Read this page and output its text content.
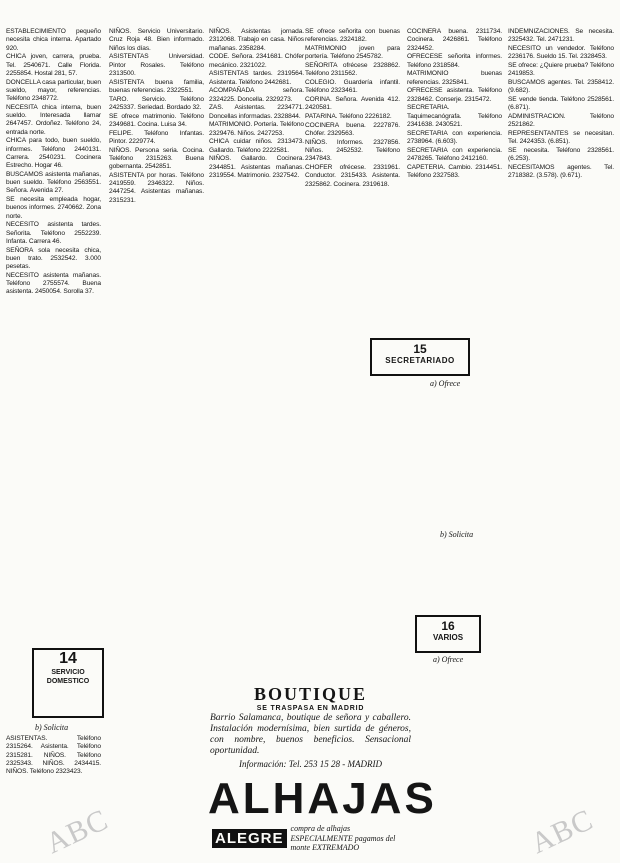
ESTABLECIMIENTO pequeño necesita chica interna. Apartado 920.

CHICA joven, carrera, prueba. Tel. 2540671. Calle Florida. 2255854. Hostal 281, 57.

DONCELLA casa particular, buen sueldo, mayor, referencias. Teléfono 2348772.

NECESITA chica interna, buen sueldo. Interesada llamar 2647457. Ordoñez. Teléfono 24, entrada norte.

CHICA para todo, buen sueldo, informes. Teléfono 2440131. Carrera. 2540231. Cocinera Estrecho. Hogar 46.

BUSCAMOS asistenta mañanas, buen sueldo. Teléfono 2563551. Señora. Avenida 27.

SE necesita empleada hogar, buenos informes. 2740662. Zona norte.

NECESITO asistenta tardes. Señorita. Teléfono 2552239. Infanta. Carrera 46.

SEÑORA sola necesita chica, buen trato. 2532542. 3.000 pesetas.

NECESITO asistenta mañanas. Teléfono 2755574. Buena asistenta. 2450054. Sorolla 37.

14
SERVICIO
DOMESTICO
b) Solicita

ASISTENTAS. Teléfono 2315264. Asistenta. Teléfono 2315281. NIÑOS. Teléfono 2325343. NIÑOS. 2434415. NIÑOS. Teléfono 2323423.

NIÑOS. Servicio Universitario. Cruz Roja 48. Bien informado. Niños los días.

ASISTENTAS Universidad. Pintor Rosales. Teléfono 2313500.

ASISTENTA buena familia, buenas referencias. 2322551.

TARO. Servicio. Teléfono 2425337. Seriedad. Bordado 32.

SE ofrece matrimonio. Teléfono 2349681. Cocina. Luisa 34.

FELIPE. Teléfono Infantas. Pintor. 2229774.

NIÑOS. Persona seria. Cocina. Teléfono 2315263. Buena gobernanta. 2542851.

ASISTENTA por horas. Teléfono 2419559. 2346322. Niños. 2447254. Asistentas mañanas. 2315231.

NIÑOS. Asistentas jornada. 2312068. Trabajo en casa. Niños mañanas. 2358284.

CODE. Señora. 2341681. Chófer mecánico. 2321022.

ASISTENTAS tardes. 2319564. Asistenta. Teléfono 2442681.

ACOMPAÑADA señora. 2324225. Doncella. 2329273.

ZAS. Asistentas. 2234771. Doncellas informadas. 2328844.

MATRIMONIO. Portería. Teléfono 2329476. Niños. 2427253.

CHICA cuidar niños. 2313473. Gallardo. Teléfono 2222581.

NIÑOS. Gallardo. Cocinera. 2344851. Asistentas mañanas. 2319554. Matrimonio. 2327542.

SE ofrece señorita con buenas referencias. 2324182.

MATRIMONIO joven para portería. Teléfono 2545782.

SEÑORITA ofrécese 2328862. Teléfono 2311562.

COLEGIO. Guardería infantil. Teléfono 2323461.

CORINA. Señora. Avenida 412. 2420581.

PATARINA. Teléfono 2226182.

COCINERA buena. 2227876. Chófer. 2329563.

NIÑOS. Informes. 2327856. Niños. 2452532. Teléfono 2347843.

CHOFER ofrécese. 2331961. Conductor. 2315433. Asistenta. 2325862. Cocinera. 2319618.

COCINERA buena. 2311734. Cocinera. 2426861. Teléfono 2324452.

OFRECESE señorita informes. Teléfono 2318584.

MATRIMONIO buenas referencias. 2325841.

OFRECESE asistenta. Teléfono 2328462. Conserje. 2315472.

SECRETARIA. Taquimecanógrafa. Teléfono 2341638. 2430521.

SECRETARIA con experiencia. 2738964. (6.603).

SECRETARIA con experiencia. 2478265. Teléfono 2412160.

CAPETERIA. Cambio. 2314451. Teléfono 2327583.

15
SECRETARIADO
a) Ofrece
b) Solicita
16
VARIOS
a) Ofrece

INDEMNIZACIONES. Se necesita. 2325432. Tel. 2471231.

NECESITO un vendedor. Teléfono 2236176. Sueldo 15. Tel. 2328453.

SE ofrece: ¿Quiere prueba? Teléfono 2419853.

BUSCAMOS agentes. Tel. 2358412. (9.682).

SE vende tienda. Teléfono 2528561. (6.871).

ADMINISTRACION. Teléfono 2521862.

REPRESENTANTES se necesitan. Tel. 2424353. (6.851).

SE necesita. Teléfono 2328561. (6.253).

NECESITAMOS agentes. Tel. 2718382. (3.578). (9.671).

BOUTIQUE
SE TRASPASA EN MADRID
Barrio Salamanca, boutique de señora y caballero. Instalación modernísima, bien surtida de géneros, con nombre, buenos beneficios. Sensacional oportunidad.
Información: Tel. 253 15 28 - MADRID
ALHAJAS
ALEGRE
compra de alhajas ESPECIALMENTE pagamos del monte EXTREMADO
ABC	ABC
